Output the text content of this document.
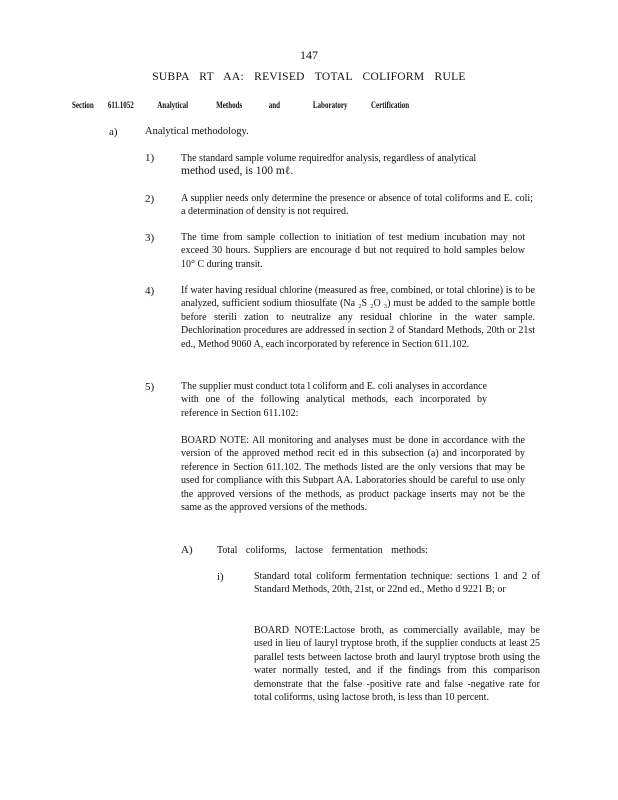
147
SUBPA RT AA: REVISED TOTAL COLIFORM RULE
Section 611.1052	Analytical	Methods	and	Laboratory	Certification
a)	Analytical methodology.
1)	The standard sample volume requiredfor analysis, regardless of analytical

method used, is 100 mℓ.

2)	A supplier needs only determine the presence or absence of total coliforms and E. coli; a determination of density is not required.

3)	The time from sample collection to initiation of test medium incubation may not exceed 30 hours. Suppliers are encourage d but not required to hold samples below 10° C during transit.

4)	If water having residual chlorine (measured as free, combined, or total chlorine) is to be analyzed, sufficient sodium thiosulfate (Na ₂S ₂O ₃) must be added to the sample bottle before sterili zation to neutralize any residual chlorine in the water sample. Dechlorination procedures are addressed in section 2 of Standard Methods, 20th or 21st ed., Method 9060 A, each incorporated by reference in Section 611.102.

5)	The supplier must conduct tota l coliform and E. coli analyses in accordance with one of the following analytical methods, each incorporated by reference in Section 611.102:

BOARD NOTE: All monitoring and analyses must be done in accordance with the version of the approved method recit ed in this subsection (a) and incorporated by reference in Section 611.102. The methods listed are the only versions that may be used for compliance with this Subpart AA. Laboratories should be careful to use only the approved versions of the methods, as product package inserts may not be the same as the approved versions of the methods.

A) Total coliforms, lactose fermentation methods:

i)	Standard total coliform fermentation technique: sections 1 and 2 of Standard Methods, 20th, 21st, or 22nd ed., Metho d 9221 B; or

BOARD NOTE:Lactose broth, as commercially available, may be used in lieu of lauryl tryptose broth, if the supplier conducts at least 25 parallel tests between lactose broth and lauryl tryptose broth using the water normally tested, and if the findings from this comparison demonstrate that the false -positive rate and false -negative rate for total coliforms, using lactose broth, is less than 10 percent.
